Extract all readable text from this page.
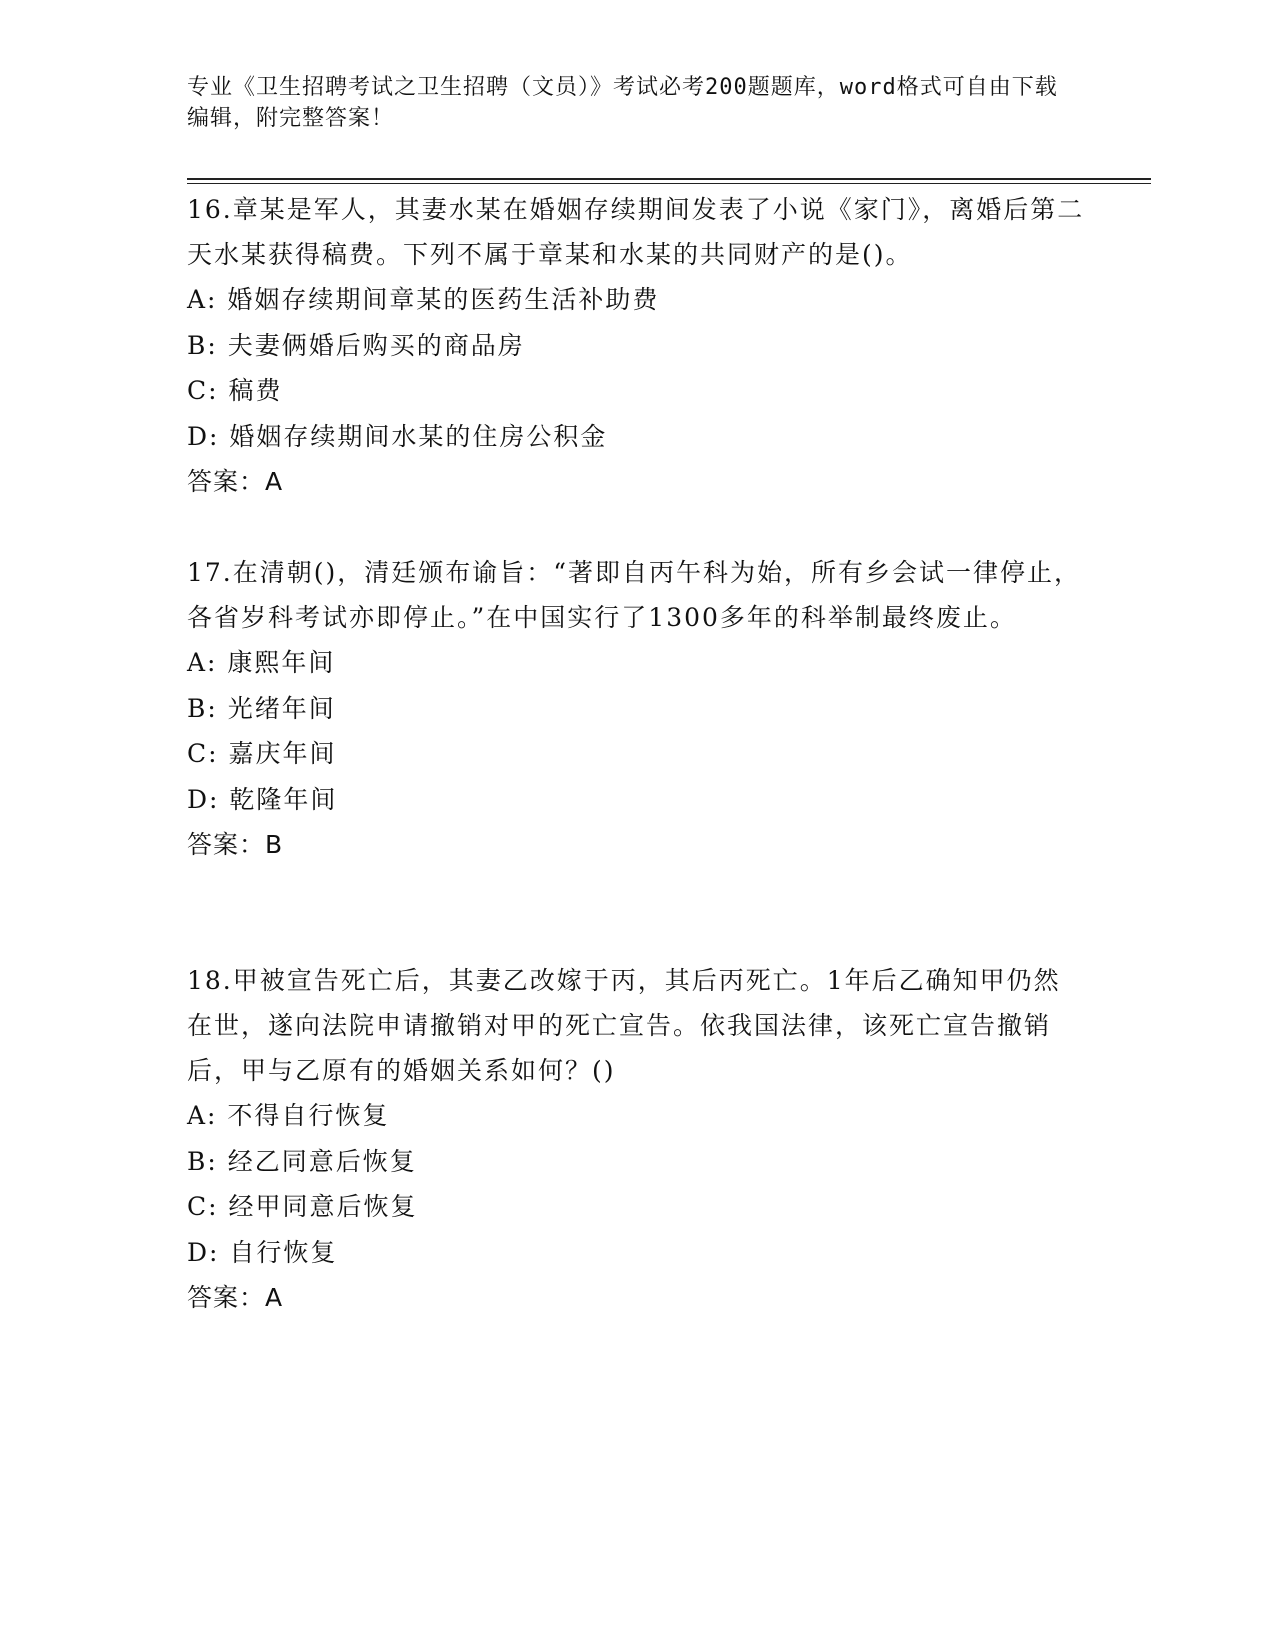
专业《卫生招聘考试之卫生招聘（文员）》考试必考200题题库，word格式可自由下载编辑，附完整答案！

16.章某是军人，其妻水某在婚姻存续期间发表了小说《家门》，离婚后第二天水某获得稿费。下列不属于章某和水某的共同财产的是()。

A: 婚姻存续期间章某的医药生活补助费

B: 夫妻俩婚后购买的商品房

C: 稿费

D: 婚姻存续期间水某的住房公积金

答案：A

17.在清朝()，清廷颁布谕旨：“著即自丙午科为始，所有乡会试一律停止，各省岁科考试亦即停止。”在中国实行了1300多年的科举制最终废止。

A: 康熙年间

B: 光绪年间

C: 嘉庆年间

D: 乾隆年间

答案：B

18.甲被宣告死亡后，其妻乙改嫁于丙，其后丙死亡。1年后乙确知甲仍然在世，遂向法院申请撤销对甲的死亡宣告。依我国法律，该死亡宣告撤销后，甲与乙原有的婚姻关系如何？()

A: 不得自行恢复

B: 经乙同意后恢复

C: 经甲同意后恢复

D: 自行恢复

答案：A
